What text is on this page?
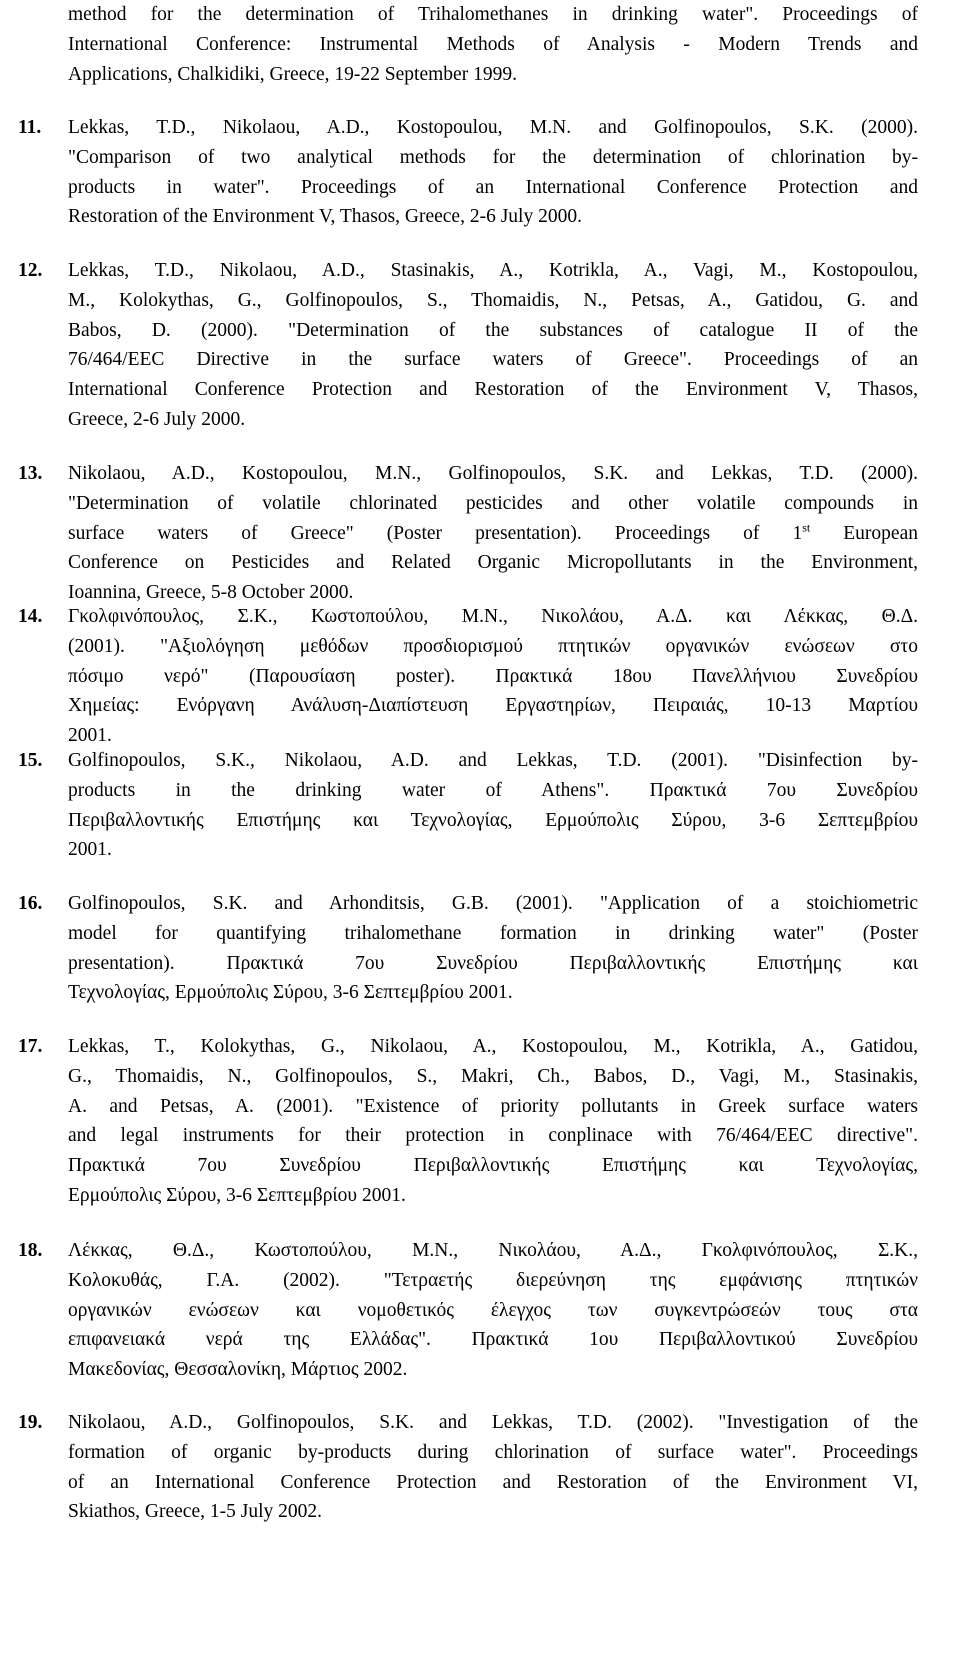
method for the determination of Trihalomethanes in drinking water". Proceedings of
International Conference: Instrumental Methods of Analysis - Modern Trends and
Applications, Chalkidiki, Greece, 19-22 September 1999.
11. Lekkas, T.D., Nikolaou, A.D., Kostopoulou, M.N. and Golfinopoulos, S.K. (2000).
"Comparison of two analytical methods for the determination of chlorination by-
products in water". Proceedings of an International Conference Protection and
Restoration of the Environment V, Thasos, Greece, 2-6 July 2000.
12. Lekkas, T.D., Nikolaou, A.D., Stasinakis, A., Kotrikla, A., Vagi, M., Kostopoulou,
M., Kolokythas, G., Golfinopoulos, S., Thomaidis, N., Petsas, A., Gatidou, G. and
Babos, D. (2000). "Determination of the substances of catalogue II of the
76/464/EEC Directive in the surface waters of Greece". Proceedings of an
International Conference Protection and Restoration of the Environment V, Thasos,
Greece, 2-6 July 2000.
13. Nikolaou, A.D., Kostopoulou, M.N., Golfinopoulos, S.K. and Lekkas, T.D. (2000).
"Determination of volatile chlorinated pesticides and other volatile compounds in
surface waters of Greece" (Poster presentation). Proceedings of 1st European
Conference on Pesticides and Related Organic Micropollutants in the Environment,
Ioannina, Greece, 5-8 October 2000.
14. Γκολφινόπουλος, Σ.Κ., Κωστοπούλου, Μ.Ν., Νικολάου, Α.Δ. και Λέκκας, Θ.Δ.
(2001). "Αξιολόγηση μεθόδων προσδιορισμού πτητικών οργανικών ενώσεων στο
πόσιμο νερό" (Παρουσίαση poster). Πρακτικά 18ου Πανελλήνιου Συνεδρίου
Χημείας: Ενόργανη Ανάλυση-Διαπίστευση Εργαστηρίων, Πειραιάς, 10-13 Μαρτίου
2001.
15. Golfinopoulos, S.K., Nikolaou, A.D. and Lekkas, T.D. (2001). "Disinfection by-
products in the drinking water of Athens". Πρακτικά 7ου Συνεδρίου
Περιβαλλοντικής Επιστήμης και Τεχνολογίας, Ερμούπολις Σύρου, 3-6 Σεπτεμβρίου
2001.
16. Golfinopoulos, S.K. and Arhonditsis, G.B. (2001). "Application of a stoichiometric
model for quantifying trihalomethane formation in drinking water" (Poster
presentation). Πρακτικά 7ου Συνεδρίου Περιβαλλοντικής Επιστήμης και
Τεχνολογίας, Ερμούπολις Σύρου, 3-6 Σεπτεμβρίου 2001.
17. Lekkas, T., Kolokythas, G., Nikolaou, A., Kostopoulou, M., Kotrikla, A., Gatidou,
G., Thomaidis, N., Golfinopoulos, S., Makri, Ch., Babos, D., Vagi, M., Stasinakis,
A. and Petsas, A. (2001). "Existence of priority pollutants in Greek surface waters
and legal instruments for their protection in conplinace with 76/464/EEC directive".
Πρακτικά 7ου Συνεδρίου Περιβαλλοντικής Επιστήμης και Τεχνολογίας,
Ερμούπολις Σύρου, 3-6 Σεπτεμβρίου 2001.
18. Λέκκας, Θ.Δ., Κωστοπούλου, Μ.Ν., Νικολάου, Α.Δ., Γκολφινόπουλος, Σ.Κ.,
Κολοκυθάς, Γ.Α. (2002). "Τετραετής διερεύνηση της εμφάνισης πτητικών
οργανικών ενώσεων και νομοθετικός έλεγχος των συγκεντρώσεών τους στα
επιφανειακά νερά της Ελλάδας". Πρακτικά 1ου Περιβαλλοντικού Συνεδρίου
Μακεδονίας, Θεσσαλονίκη, Μάρτιος 2002.
19. Nikolaou, A.D., Golfinopoulos, S.K. and Lekkas, T.D. (2002). "Investigation of the
formation of organic by-products during chlorination of surface water". Proceedings
of an International Conference Protection and Restoration of the Environment VI,
Skiathos, Greece, 1-5 July 2002.
